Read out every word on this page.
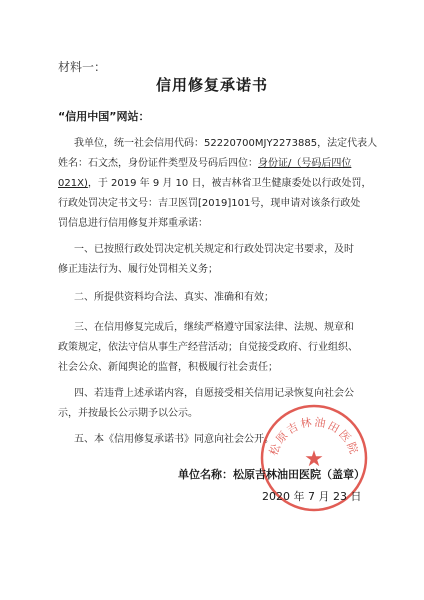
材料一：
信用修复承诺书
“信用中国”网站：
我单位，统一社会信用代码：52220700MJY2273885，法定代表人
姓名：石文杰，身份证件类型及号码后四位：身份证/（号码后四位
021X)，于 2019 年 9 月 10 日，被吉林省卫生健康委处以行政处罚，
行政处罚决定书文号：吉卫医罚[2019]101号，现申请对该条行政处
罚信息进行信用修复并郑重承诺：
一、已按照行政处罚决定机关规定和行政处罚决定书要求，及时
修正违法行为、履行处罚相关义务；
二、所提供资料均合法、真实、准确和有效；
三、在信用修复完成后，继续严格遵守国家法律、法规、规章和
政策规定，依法守信从事生产经营活动；自觉接受政府、行业组织、
社会公众、新闻舆论的监督，积极履行社会责任；
四、若违背上述承诺内容，自愿接受相关信用记录恢复向社会公
示，并按最长公示期予以公示。
五、本《信用修复承诺书》同意向社会公开。
松原吉林油田医院
★
单位名称：松原吉林油田医院（盖章）
2020 年 7 月 23 日
